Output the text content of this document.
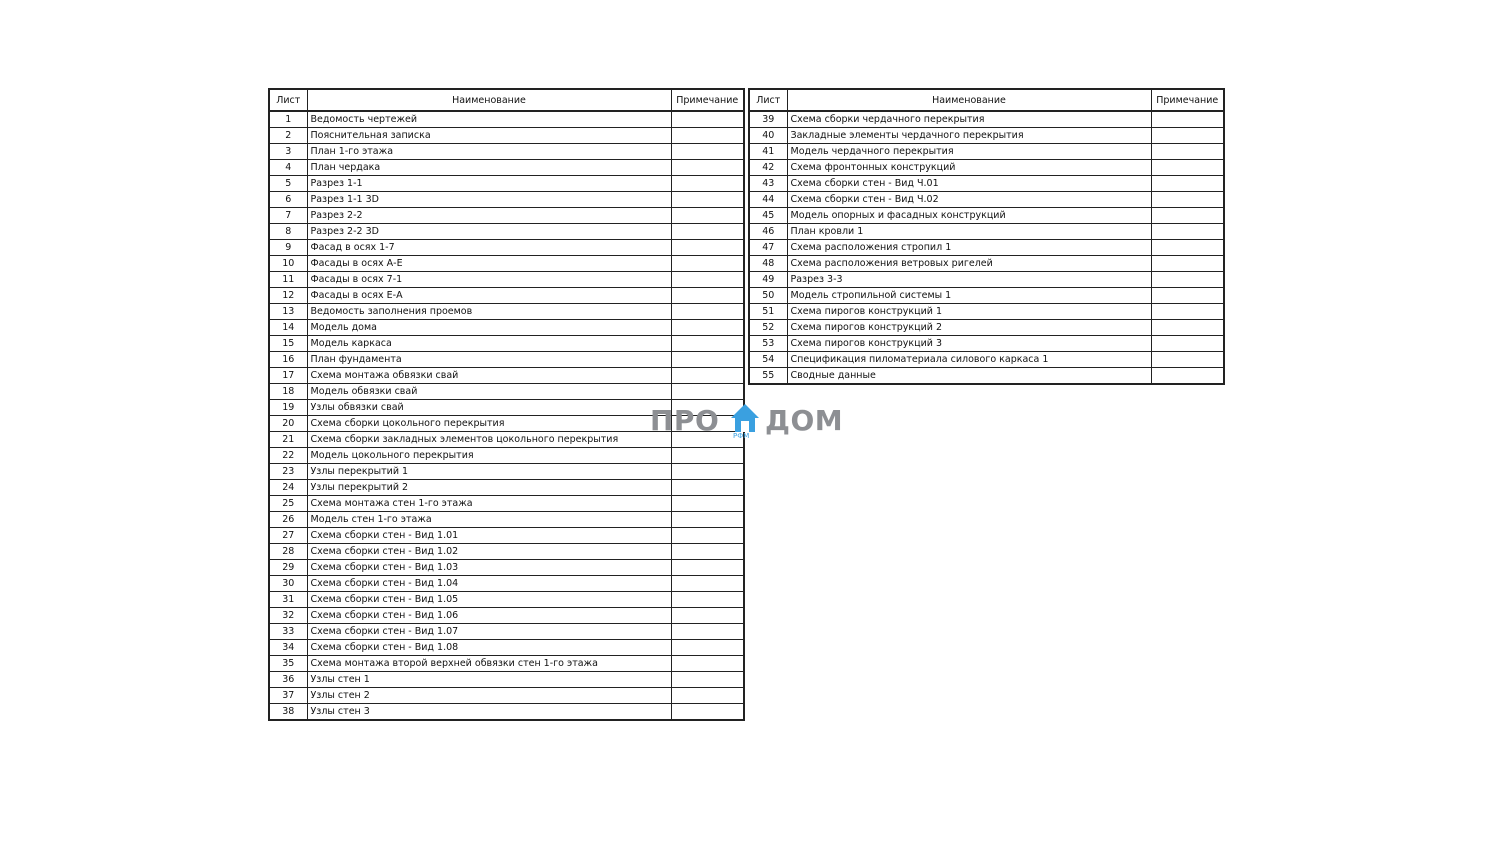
Лист	Наименование	Примечание
1	Ведомость чертежей	
2	Пояснительная записка	
3	План 1-го этажа	
4	План чердака	
5	Разрез 1-1	
6	Разрез 1-1 3D	
7	Разрез 2-2	
8	Разрез 2-2 3D	
9	Фасад в осях 1-7	
10	Фасады в осях А-Е	
11	Фасады в осях 7-1	
12	Фасады в осях Е-А	
13	Ведомость заполнения проемов	
14	Модель дома	
15	Модель каркаса	
16	План фундамента	
17	Схема монтажа обвязки свай	
18	Модель обвязки свай	
19	Узлы обвязки свай	
20	Схема сборки цокольного перекрытия	
21	Схема сборки закладных элементов цокольного перекрытия	
22	Модель цокольного перекрытия	
23	Узлы перекрытий 1	
24	Узлы перекрытий 2	
25	Схема монтажа стен 1-го этажа	
26	Модель стен 1-го этажа	
27	Схема сборки стен - Вид 1.01	
28	Схема сборки стен - Вид 1.02	
29	Схема сборки стен - Вид 1.03	
30	Схема сборки стен - Вид 1.04	
31	Схема сборки стен - Вид 1.05	
32	Схема сборки стен - Вид 1.06	
33	Схема сборки стен - Вид 1.07	
34	Схема сборки стен - Вид 1.08	
35	Схема монтажа второй верхней обвязки стен 1-го этажа	
36	Узлы стен 1	
37	Узлы стен 2	
38	Узлы стен 3	
Лист	Наименование	Примечание
39	Схема сборки чердачного перекрытия	
40	Закладные элементы чердачного перекрытия	
41	Модель чердачного перекрытия	
42	Схема фронтонных конструкций	
43	Схема сборки стен - Вид Ч.01	
44	Схема сборки стен - Вид Ч.02	
45	Модель опорных и фасадных конструкций	
46	План кровли 1	
47	Схема расположения стропил 1	
48	Схема расположения ветровых ригелей	
49	Разрез 3-3	
50	Модель стропильной системы 1	
51	Схема пирогов конструкций 1	
52	Схема пирогов конструкций 2	
53	Схема пирогов конструкций 3	
54	Спецификация пиломатериала силового каркаса 1	
55	Сводные данные	
ПРО РФМ ДОМ
